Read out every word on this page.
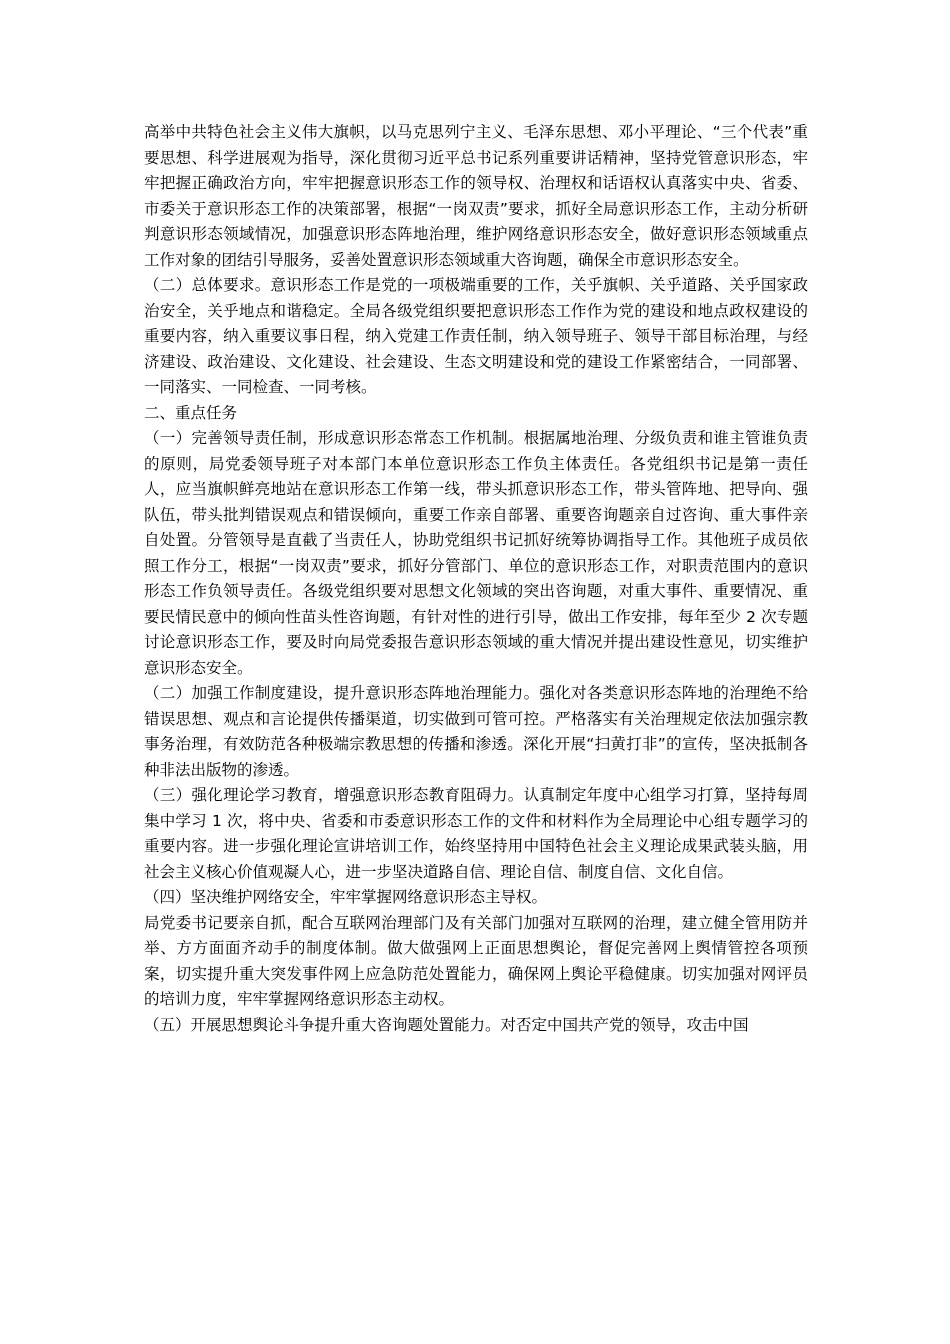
高举中共特色社会主义伟大旗帜，以马克思列宁主义、毛泽东思想、邓小平理论、“三个代表”重要思想、科学进展观为指导，深化贯彻习近平总书记系列重要讲话精神，坚持党管意识形态，牢牢把握正确政治方向，牢牢把握意识形态工作的领导权、治理权和话语权认真落实中央、省委、市委关于意识形态工作的决策部署，根据“一岗双责”要求，抓好全局意识形态工作，主动分析研判意识形态领域情况，加强意识形态阵地治理，维护网络意识形态安全，做好意识形态领域重点工作对象的团结引导服务，妥善处置意识形态领域重大咨询题，确保全市意识形态安全。

（二）总体要求。意识形态工作是党的一项极端重要的工作，关乎旗帜、关乎道路、关乎国家政治安全，关乎地点和谐稳定。全局各级党组织要把意识形态工作作为党的建设和地点政权建设的重要内容，纳入重要议事日程，纳入党建工作责任制，纳入领导班子、领导干部目标治理，与经济建设、政治建设、文化建设、社会建设、生态文明建设和党的建设工作紧密结合，一同部署、一同落实、一同检查、一同考核。

二、重点任务

（一）完善领导责任制，形成意识形态常态工作机制。根据属地治理、分级负责和谁主管谁负责的原则，局党委领导班子对本部门本单位意识形态工作负主体责任。各党组织书记是第一责任人，应当旗帜鲜亮地站在意识形态工作第一线，带头抓意识形态工作，带头管阵地、把导向、强队伍，带头批判错误观点和错误倾向，重要工作亲自部署、重要咨询题亲自过咨询、重大事件亲自处置。分管领导是直截了当责任人，协助党组织书记抓好统筹协调指导工作。其他班子成员依照工作分工，根据“一岗双责”要求，抓好分管部门、单位的意识形态工作，对职责范围内的意识形态工作负领导责任。各级党组织要对思想文化领域的突出咨询题，对重大事件、重要情况、重要民情民意中的倾向性苗头性咨询题，有针对性的进行引导，做出工作安排，每年至少 2 次专题讨论意识形态工作，要及时向局党委报告意识形态领域的重大情况并提出建设性意见，切实维护意识形态安全。

（二）加强工作制度建设，提升意识形态阵地治理能力。强化对各类意识形态阵地的治理绝不给错误思想、观点和言论提供传播渠道，切实做到可管可控。严格落实有关治理规定依法加强宗教事务治理，有效防范各种极端宗教思想的传播和渗透。深化开展“扫黄打非”的宣传，坚决抵制各种非法出版物的渗透。

（三）强化理论学习教育，增强意识形态教育阻碍力。认真制定年度中心组学习打算，坚持每周集中学习 1 次，将中央、省委和市委意识形态工作的文件和材料作为全局理论中心组专题学习的重要内容。进一步强化理论宣讲培训工作，始终坚持用中国特色社会主义理论成果武装头脑，用社会主义核心价值观凝人心，进一步坚决道路自信、理论自信、制度自信、文化自信。

（四）坚决维护网络安全，牢牢掌握网络意识形态主导权。

局党委书记要亲自抓，配合互联网治理部门及有关部门加强对互联网的治理，建立健全管用防并举、方方面面齐动手的制度体制。做大做强网上正面思想舆论，督促完善网上舆情管控各项预案，切实提升重大突发事件网上应急防范处置能力，确保网上舆论平稳健康。切实加强对网评员的培训力度，牢牢掌握网络意识形态主动权。

（五）开展思想舆论斗争提升重大咨询题处置能力。对否定中国共产党的领导，攻击中国
